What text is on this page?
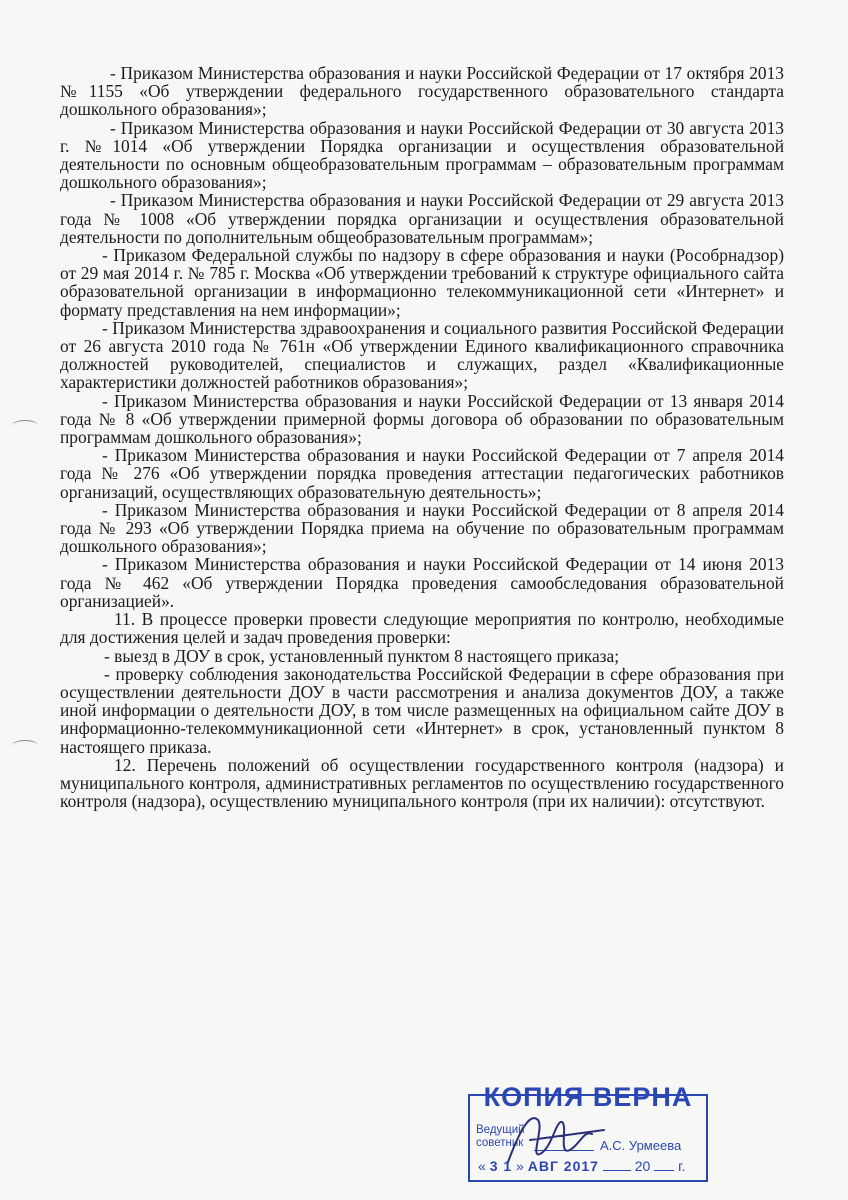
- Приказом Министерства образования и науки Российской Федерации от 17 октября 2013 №1155 «Об утверждении федерального государственного образовательного стандарта дошкольного образования»;

- Приказом Министерства образования и науки Российской Федерации от 30 августа 2013 г. №1014 «Об утверждении Порядка организации и осуществления образовательной деятельности по основным общеобразовательным программам – образовательным программам дошкольного образования»;

- Приказом Министерства образования и науки Российской Федерации от 29 августа 2013 года № 1008 «Об утверждении порядка организации и осуществления образовательной деятельности по дополнительным общеобразовательным программам»;

- Приказом Федеральной службы по надзору в сфере образования и науки (Рособрнадзор) от 29 мая 2014 г. № 785 г. Москва «Об утверждении требований к структуре официального сайта образовательной организации в информационно телекоммуникационной сети «Интернет» и формату представления на нем информации»;

- Приказом Министерства здравоохранения и социального развития Российской Федерации от 26 августа 2010 года № 761н «Об утверждении Единого квалификационного справочника должностей руководителей, специалистов и служащих, раздел «Квалификационные характеристики должностей работников образования»;

- Приказом Министерства образования и науки Российской Федерации от 13 января 2014 года № 8 «Об утверждении примерной формы договора об образовании по образовательным программам дошкольного образования»;

- Приказом Министерства образования и науки Российской Федерации от 7 апреля 2014 года № 276 «Об утверждении порядка проведения аттестации педагогических работников организаций, осуществляющих образовательную деятельность»;

- Приказом Министерства образования и науки Российской Федерации от 8 апреля 2014 года № 293 «Об утверждении Порядка приема на обучение по образовательным программам дошкольного образования»;

- Приказом Министерства образования и науки Российской Федерации от 14 июня 2013 года № 462 «Об утверждении Порядка проведения самообследования образовательной организацией».

11. В процессе проверки провести следующие мероприятия по контролю, необходимые для достижения целей и задач проведения проверки:

- выезд в ДОУ в срок, установленный пунктом 8 настоящего приказа;

- проверку соблюдения законодательства Российской Федерации в сфере образования при осуществлении деятельности ДОУ в части рассмотрения и анализа документов ДОУ, а также иной информации о деятельности ДОУ, в том числе размещенных на официальном сайте ДОУ в информационно-телекоммуникационной сети «Интернет» в срок, установленный пунктом 8 настоящего приказа.

12. Перечень положений об осуществлении государственного контроля (надзора) и муниципального контроля, административных регламентов по осуществлению государственного контроля (надзора), осуществлению муниципального контроля (при их наличии): отсутствуют.

КОПИЯ ВЕРНА
Ведущий
советник	А.С. Урмеева
« 3 1 » АВГ 2017	20 г.
